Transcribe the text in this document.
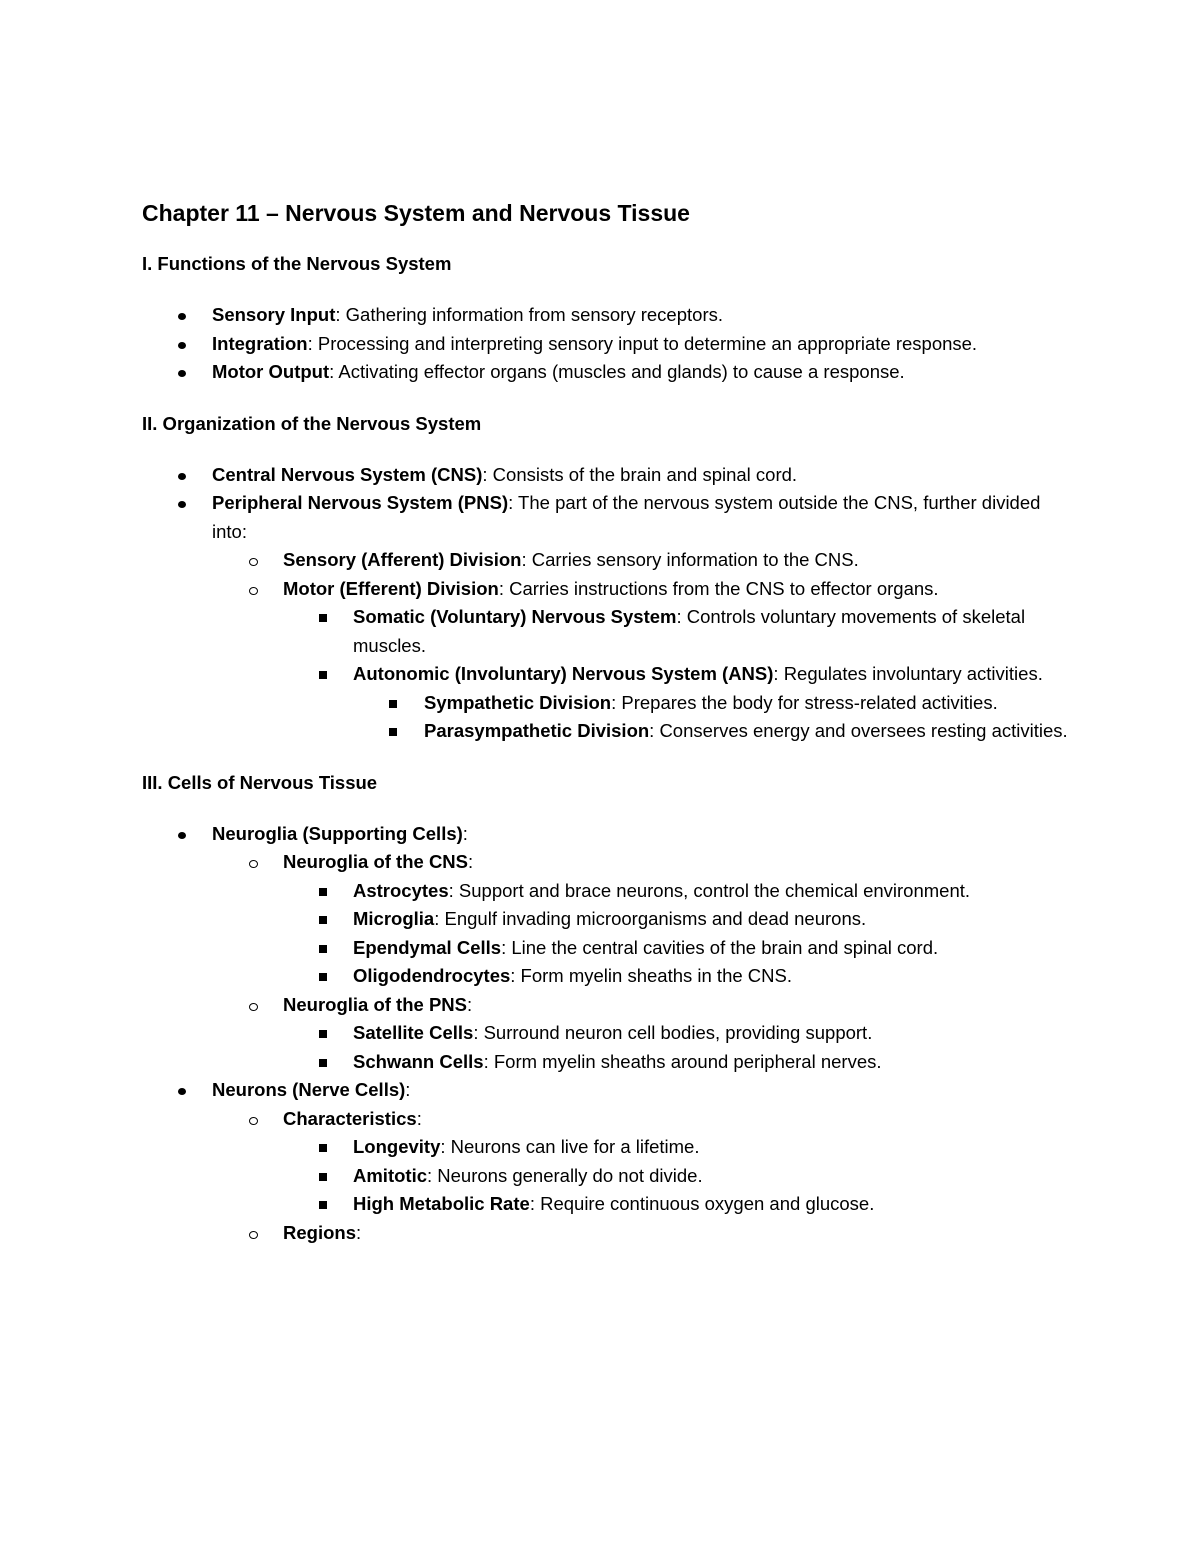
Chapter 11 – Nervous System and Nervous Tissue
I. Functions of the Nervous System
Sensory Input: Gathering information from sensory receptors.
Integration: Processing and interpreting sensory input to determine an appropriate response.
Motor Output: Activating effector organs (muscles and glands) to cause a response.
II. Organization of the Nervous System
Central Nervous System (CNS): Consists of the brain and spinal cord.
Peripheral Nervous System (PNS): The part of the nervous system outside the CNS, further divided into:
Sensory (Afferent) Division: Carries sensory information to the CNS.
Motor (Efferent) Division: Carries instructions from the CNS to effector organs.
Somatic (Voluntary) Nervous System: Controls voluntary movements of skeletal muscles.
Autonomic (Involuntary) Nervous System (ANS): Regulates involuntary activities.
Sympathetic Division: Prepares the body for stress-related activities.
Parasympathetic Division: Conserves energy and oversees resting activities.
III. Cells of Nervous Tissue
Neuroglia (Supporting Cells):
Neuroglia of the CNS:
Astrocytes: Support and brace neurons, control the chemical environment.
Microglia: Engulf invading microorganisms and dead neurons.
Ependymal Cells: Line the central cavities of the brain and spinal cord.
Oligodendrocytes: Form myelin sheaths in the CNS.
Neuroglia of the PNS:
Satellite Cells: Surround neuron cell bodies, providing support.
Schwann Cells: Form myelin sheaths around peripheral nerves.
Neurons (Nerve Cells):
Characteristics:
Longevity: Neurons can live for a lifetime.
Amitotic: Neurons generally do not divide.
High Metabolic Rate: Require continuous oxygen and glucose.
Regions:
